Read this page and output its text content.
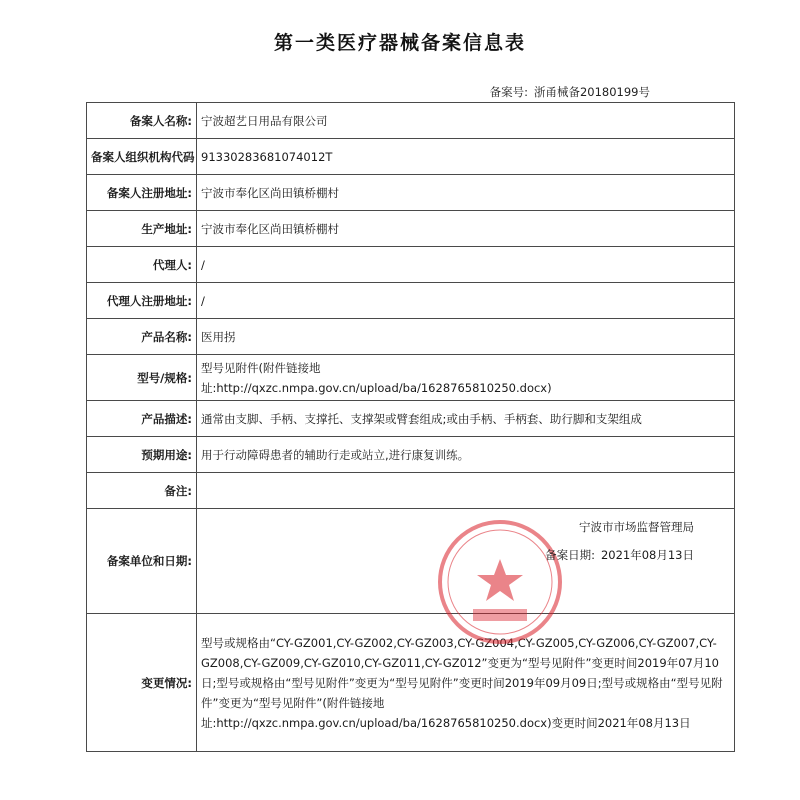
第一类医疗器械备案信息表
备案号: 浙甬械备20180199号
备案人名称:	宁波超艺日用品有限公司
备案人组织机构代码	91330283681074012T
备案人注册地址:	宁波市奉化区尚田镇桥棚村
生产地址:	宁波市奉化区尚田镇桥棚村
代理人:	/
代理人注册地址:	/
产品名称:	医用拐
型号/规格:	型号见附件(附件链接地
址:http://qxzc.nmpa.gov.cn/upload/ba/1628765810250.docx)

产品描述:	通常由支脚、手柄、支撑托、支撑架或臂套组成;或由手柄、手柄套、助行脚和支架组成
预期用途:	用于行动障碍患者的辅助行走或站立,进行康复训练。
备注:	
备案单位和日期:	宁波市市场监督管理局
备案日期: 2021年08月13日

变更情况:	型号或规格由“CY-GZ001,CY-GZ002,CY-GZ003,CY-GZ004,CY-GZ005,CY-GZ006,CY-GZ007,CY-GZ008,CY-GZ009,CY-GZ010,CY-GZ011,CY-GZ012”变更为“型号见附件”变更时间2019年07月10日;型号或规格由“型号见附件”变更为“型号见附件”变更时间2019年09月09日;型号或规格由“型号见附件”变更为“型号见附件”(附件链接地址:http://qxzc.nmpa.gov.cn/upload/ba/1628765810250.docx)变更时间2021年08月13日
